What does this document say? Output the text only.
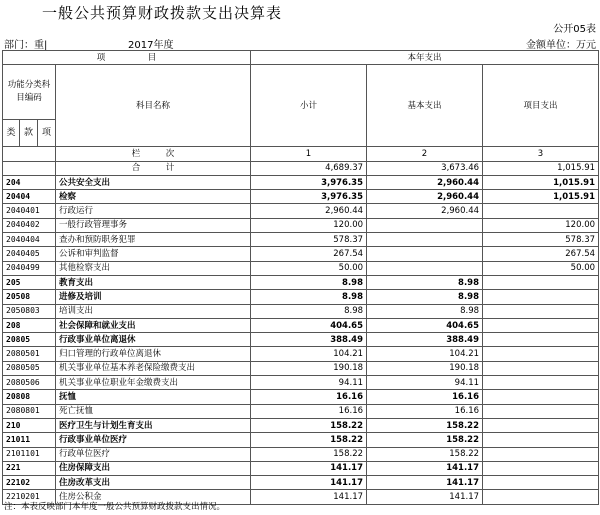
一般公共预算财政拨款支出决算表
公开05表
部门：重|	2017年度	金额单位：万元
项　　　　　目				本年支出		
功能分类科目编码			科目名称	小计	基本支出	项目支出
类	款	项				
			栏　　　次	1	2	3
			合　　　计	4,689.37	3,673.46	1,015.91
204			公共安全支出	3,976.35	2,960.44	1,015.91
20404			检察	3,976.35	2,960.44	1,015.91
2040401			行政运行	2,960.44	2,960.44	
2040402			一般行政管理事务	120.00		120.00
2040404			查办和预防职务犯罪	578.37		578.37
2040405			公诉和审判监督	267.54		267.54
2040499			其他检察支出	50.00		50.00
205			教育支出	8.98	8.98	
20508			进修及培训	8.98	8.98	
2050803			培训支出	8.98	8.98	
208			社会保障和就业支出	404.65	404.65	
20805			行政事业单位离退休	388.49	388.49	
2080501			归口管理的行政单位离退休	104.21	104.21	
2080505			机关事业单位基本养老保险缴费支出	190.18	190.18	
2080506			机关事业单位职业年金缴费支出	94.11	94.11	
20808			抚恤	16.16	16.16	
2080801			死亡抚恤	16.16	16.16	
210			医疗卫生与计划生育支出	158.22	158.22	
21011			行政事业单位医疗	158.22	158.22	
2101101			行政单位医疗	158.22	158.22	
221			住房保障支出	141.17	141.17	
22102			住房改革支出	141.17	141.17	
2210201			住房公积金	141.17	141.17	
注：本表反映部门本年度一般公共预算财政拨款支出情况。
